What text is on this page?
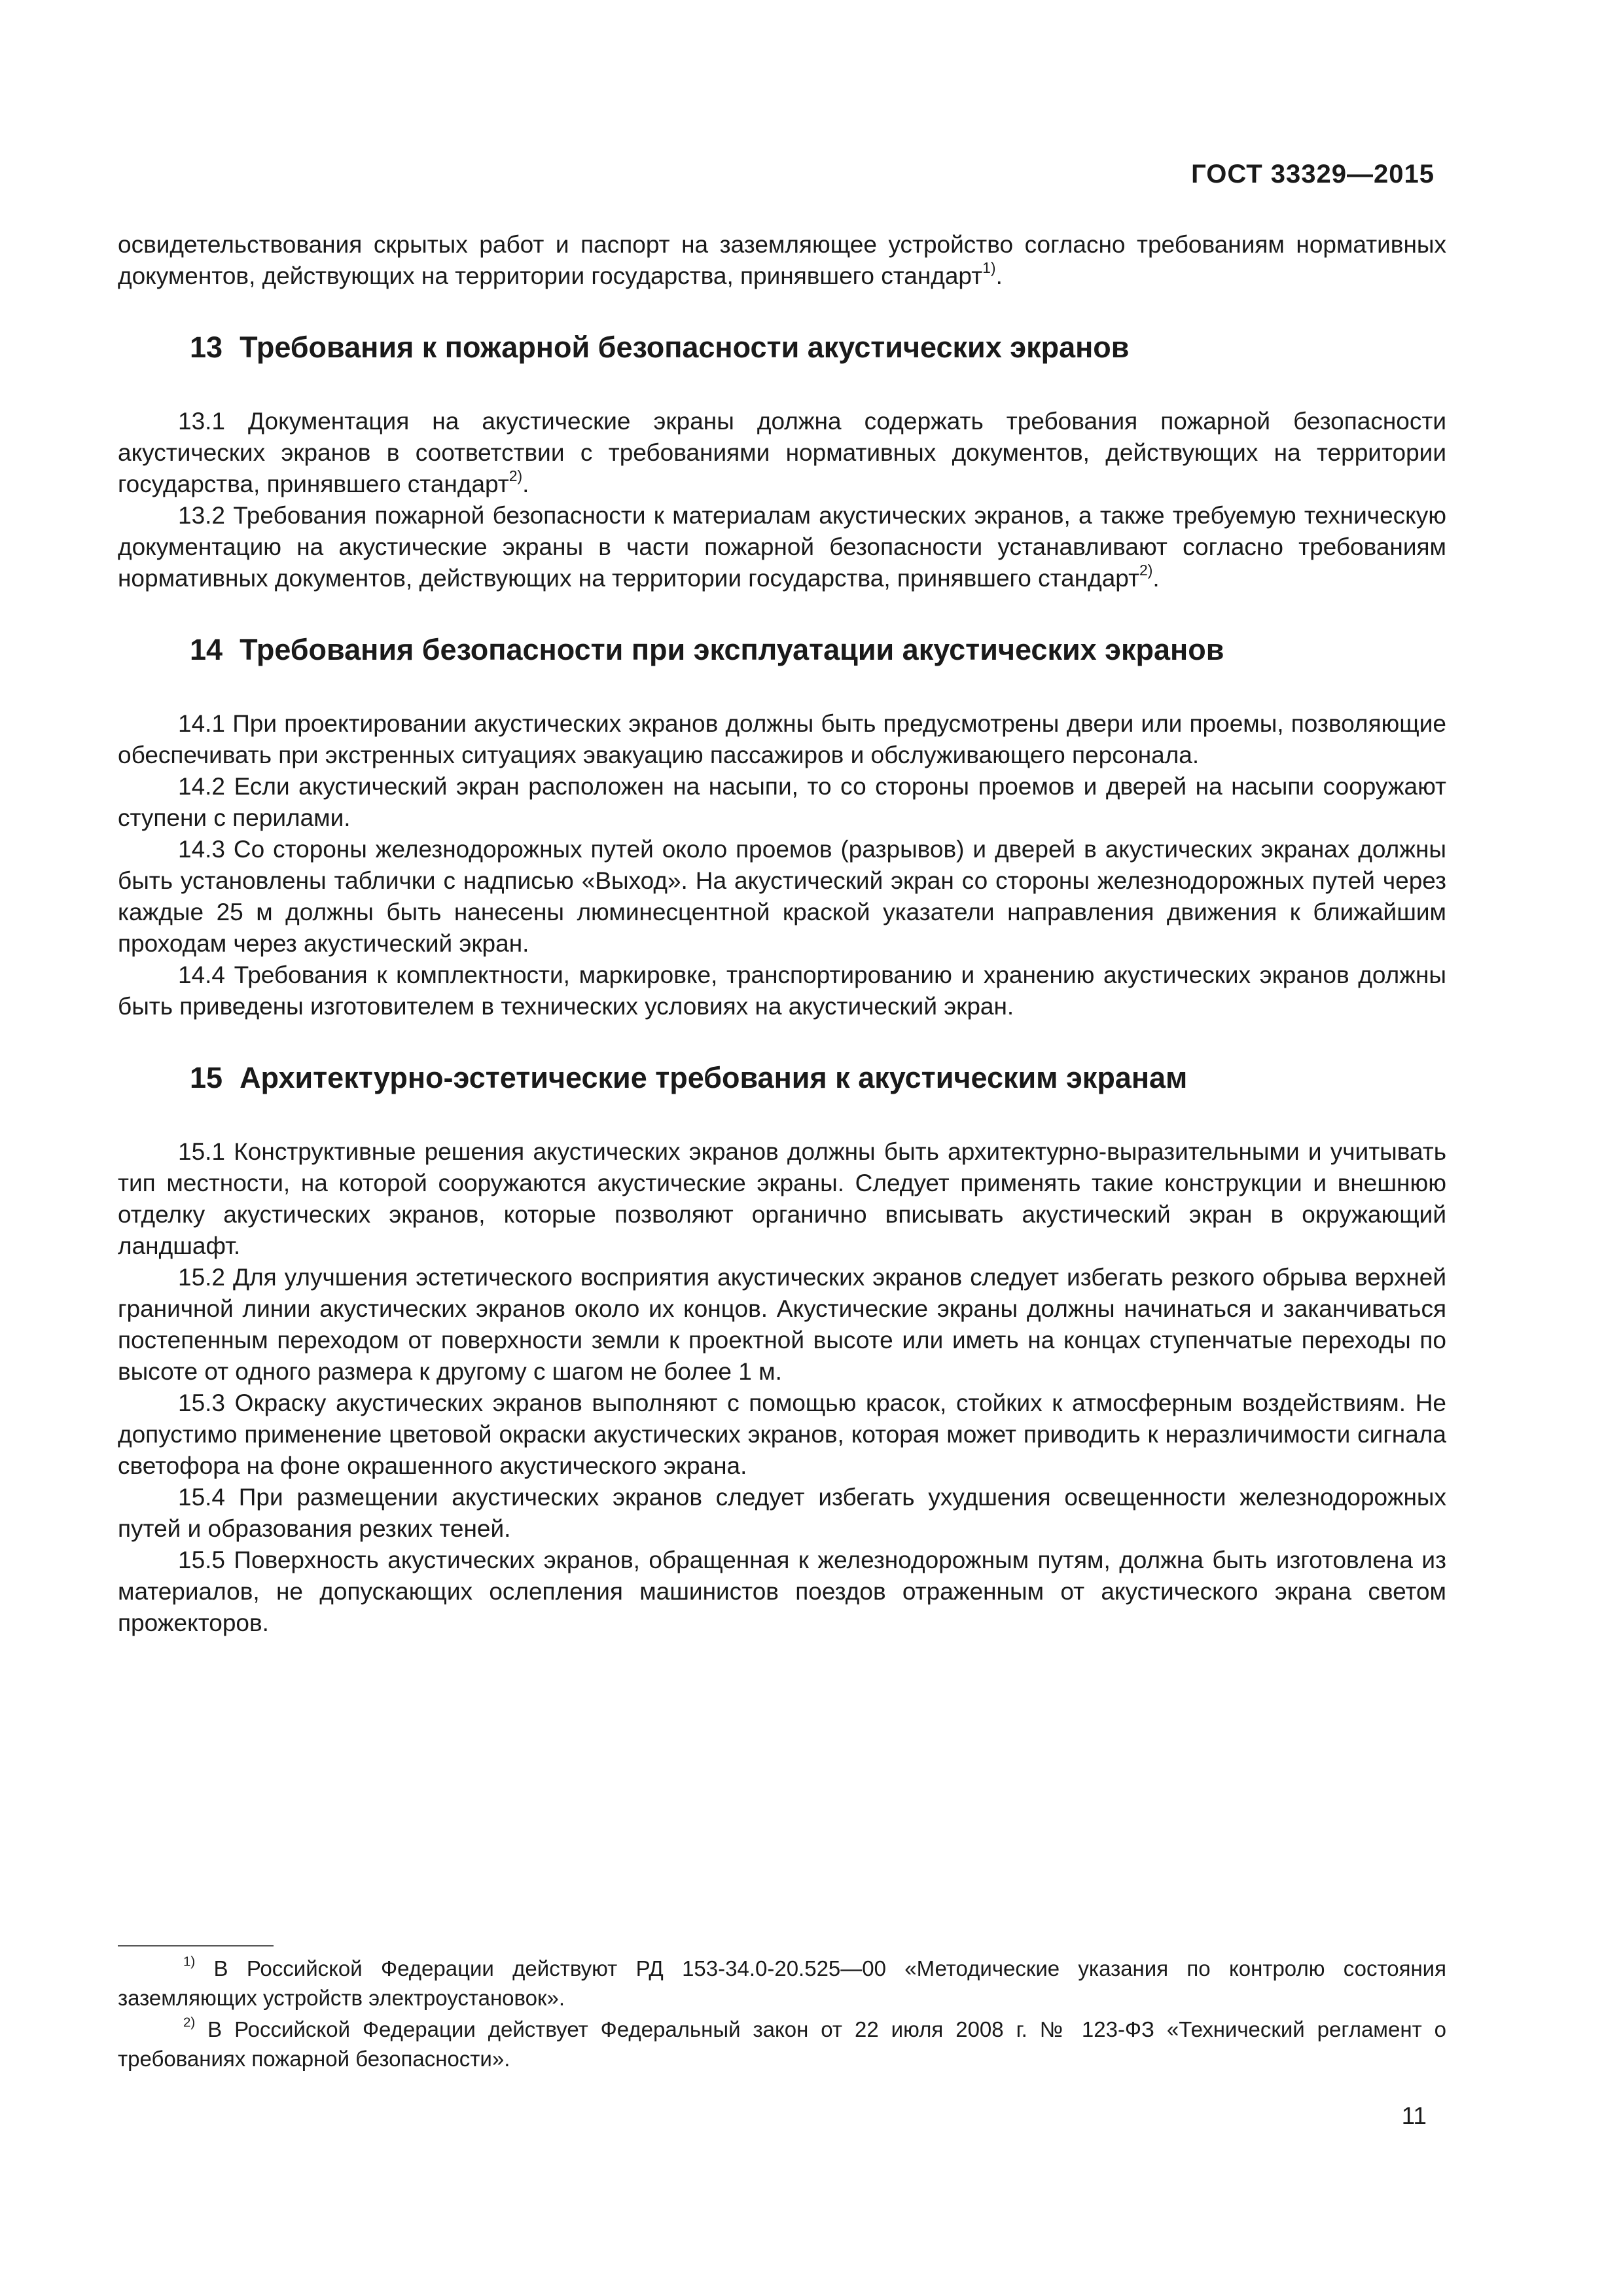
ГОСТ 33329—2015

освидетельствования скрытых работ и паспорт на заземляющее устройство согласно требованиям нормативных документов, действующих на территории государства, принявшего стандарт$^{1)}$.

13 Требования к пожарной безопасности акустических экранов

13.1 Документация на акустические экраны должна содержать требования пожарной безопасности акустических экранов в соответствии с требованиями нормативных документов, действующих на территории государства, принявшего стандарт$^{2)}$.

13.2 Требования пожарной безопасности к материалам акустических экранов, а также требуемую техническую документацию на акустические экраны в части пожарной безопасности устанавливают согласно требованиям нормативных документов, действующих на территории государства, принявшего стандарт$^{2)}$.

14 Требования безопасности при эксплуатации акустических экранов

14.1 При проектировании акустических экранов должны быть предусмотрены двери или проемы, позволяющие обеспечивать при экстренных ситуациях эвакуацию пассажиров и обслуживающего персонала.

14.2 Если акустический экран расположен на насыпи, то со стороны проемов и дверей на насыпи сооружают ступени с перилами.

14.3 Со стороны железнодорожных путей около проемов (разрывов) и дверей в акустических экранах должны быть установлены таблички с надписью «Выход». На акустический экран со стороны железнодорожных путей через каждые 25 м должны быть нанесены люминесцентной краской указатели направления движения к ближайшим проходам через акустический экран.

14.4 Требования к комплектности, маркировке, транспортированию и хранению акустических экранов должны быть приведены изготовителем в технических условиях на акустический экран.

15 Архитектурно-эстетические требования к акустическим экранам

15.1 Конструктивные решения акустических экранов должны быть архитектурно-выразительными и учитывать тип местности, на которой сооружаются акустические экраны. Следует применять такие конструкции и внешнюю отделку акустических экранов, которые позволяют органично вписывать акустический экран в окружающий ландшафт.

15.2 Для улучшения эстетического восприятия акустических экранов следует избегать резкого обрыва верхней граничной линии акустических экранов около их концов. Акустические экраны должны начинаться и заканчиваться постепенным переходом от поверхности земли к проектной высоте или иметь на концах ступенчатые переходы по высоте от одного размера к другому с шагом не более 1 м.

15.3 Окраску акустических экранов выполняют с помощью красок, стойких к атмосферным воздействиям. Не допустимо применение цветовой окраски акустических экранов, которая может приводить к неразличимости сигнала светофора на фоне окрашенного акустического экрана.

15.4 При размещении акустических экранов следует избегать ухудшения освещенности железнодорожных путей и образования резких теней.

15.5 Поверхность акустических экранов, обращенная к железнодорожным путям, должна быть изготовлена из материалов, не допускающих ослепления машинистов поездов отраженным от акустического экрана светом прожекторов.

$^{1)}$ В Российской Федерации действуют РД 153-34.0-20.525—00 «Методические указания по контролю состояния заземляющих устройств электроустановок».

$^{2)}$ В Российской Федерации действует Федеральный закон от 22 июля 2008 г. № 123-ФЗ «Технический регламент о требованиях пожарной безопасности».

11
